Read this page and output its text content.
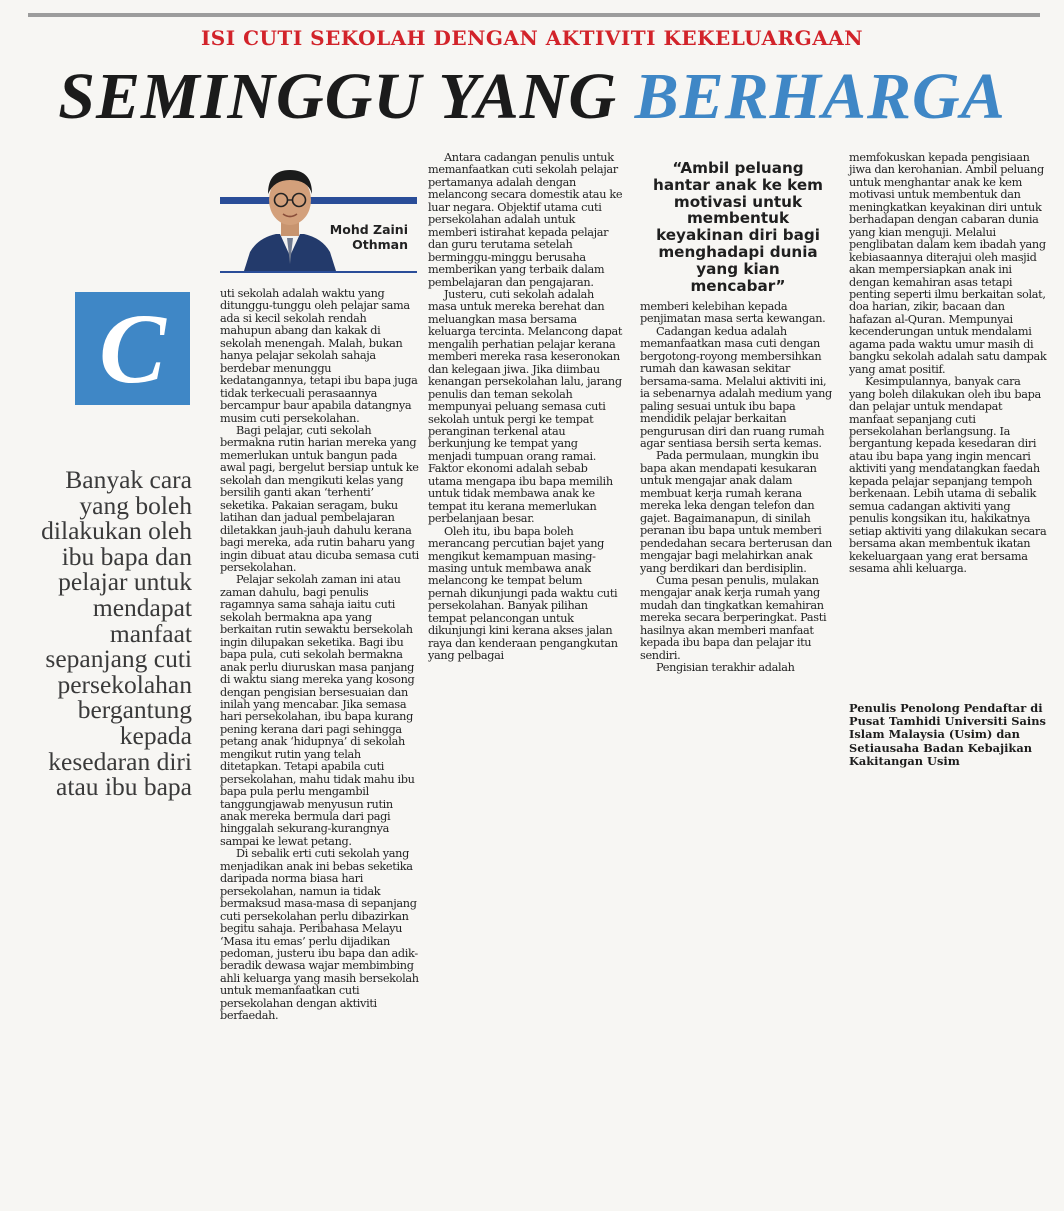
ISI CUTI SEKOLAH DENGAN AKTIVITI KEKELUARGAAN
SEMINGGU YANG BERHARGA
C
Banyak cara yang boleh dilakukan oleh ibu bapa dan pelajar untuk mendapat manfaat sepanjang cuti persekolahan bergantung kepada kesedaran diri atau ibu bapa
Mohd Zaini
Othman

uti sekolah adalah waktu yang ditunggu-tunggu oleh pelajar sama ada si kecil sekolah rendah mahupun abang dan kakak di sekolah menengah. Malah, bukan hanya pelajar sekolah sahaja berdebar menunggu kedatangannya, tetapi ibu bapa juga tidak terkecuali perasaannya bercampur baur apabila datangnya musim cuti persekolahan.

Bagi pelajar, cuti sekolah bermakna rutin harian mereka yang memerlukan untuk bangun pada awal pagi, bergelut bersiap untuk ke sekolah dan mengikuti kelas yang bersilih ganti akan ‘terhenti’ seketika. Pakaian seragam, buku latihan dan jadual pembelajaran diletakkan jauh-jauh dahulu kerana bagi mereka, ada rutin baharu yang ingin dibuat atau dicuba semasa cuti persekolahan.

Pelajar sekolah zaman ini atau zaman dahulu, bagi penulis ragamnya sama sahaja iaitu cuti sekolah bermakna apa yang berkaitan rutin sewaktu bersekolah ingin dilupakan seketika. Bagi ibu bapa pula, cuti sekolah bermakna anak perlu diuruskan masa panjang di waktu siang mereka yang kosong dengan pengisian bersesuaian dan inilah yang mencabar. Jika semasa hari persekolahan, ibu bapa kurang pening kerana dari pagi sehingga petang anak ‘hidupnya’ di sekolah mengikut rutin yang telah ditetapkan. Tetapi apabila cuti persekolahan, mahu tidak mahu ibu bapa pula perlu mengambil tanggungjawab menyusun rutin anak mereka bermula dari pagi hinggalah sekurang-kurangnya sampai ke lewat petang.

Di sebalik erti cuti sekolah yang menjadikan anak ini bebas seketika daripada norma biasa hari persekolahan, namun ia tidak bermaksud masa-masa di sepanjang cuti persekolahan perlu dibazirkan begitu sahaja. Peribahasa Melayu ‘Masa itu emas’ perlu dijadikan pedoman, justeru ibu bapa dan adik-beradik dewasa wajar membimbing ahli keluarga yang masih bersekolah untuk memanfaatkan cuti persekolahan dengan aktiviti berfaedah.

Antara cadangan penulis untuk memanfaatkan cuti sekolah pelajar pertamanya adalah dengan melancong secara domestik atau ke luar negara. Objektif utama cuti persekolahan adalah untuk memberi istirahat kepada pelajar dan guru terutama setelah berminggu-minggu berusaha memberikan yang terbaik dalam pembelajaran dan pengajaran.

Justeru, cuti sekolah adalah masa untuk mereka berehat dan meluangkan masa bersama keluarga tercinta. Melancong dapat mengalih perhatian pelajar kerana memberi mereka rasa keseronokan dan kelegaan jiwa. Jika diimbau kenangan persekolahan lalu, jarang penulis dan teman sekolah mempunyai peluang semasa cuti sekolah untuk pergi ke tempat peranginan terkenal atau berkunjung ke tempat yang menjadi tumpuan orang ramai. Faktor ekonomi adalah sebab utama mengapa ibu bapa memilih untuk tidak membawa anak ke tempat itu kerana memerlukan perbelanjaan besar.

Oleh itu, ibu bapa boleh merancang percutian bajet yang mengikut kemampuan masing-masing untuk membawa anak melancong ke tempat belum pernah dikunjungi pada waktu cuti persekolahan. Banyak pilihan tempat pelancongan untuk dikunjungi kini kerana akses jalan raya dan kenderaan pengangkutan yang pelbagai

“Ambil peluang hantar anak ke kem motivasi untuk membentuk keyakinan diri bagi menghadapi dunia yang kian mencabar”

memberi kelebihan kepada penjimatan masa serta kewangan.

Cadangan kedua adalah memanfaatkan masa cuti dengan bergotong-royong membersihkan rumah dan kawasan sekitar bersama-sama. Melalui aktiviti ini, ia sebenarnya adalah medium yang paling sesuai untuk ibu bapa mendidik pelajar berkaitan pengurusan diri dan ruang rumah agar sentiasa bersih serta kemas.

Pada permulaan, mungkin ibu bapa akan mendapati kesukaran untuk mengajar anak dalam membuat kerja rumah kerana mereka leka dengan telefon dan gajet. Bagaimanapun, di sinilah peranan ibu bapa untuk memberi pendedahan secara berterusan dan mengajar bagi melahirkan anak yang berdikari dan berdisiplin.

Cuma pesan penulis, mulakan mengajar anak kerja rumah yang mudah dan tingkatkan kemahiran mereka secara berperingkat. Pasti hasilnya akan memberi manfaat kepada ibu bapa dan pelajar itu sendiri.

Pengisian terakhir adalah

memfokuskan kepada pengisiaan jiwa dan kerohanian. Ambil peluang untuk menghantar anak ke kem motivasi untuk membentuk dan meningkatkan keyakinan diri untuk berhadapan dengan cabaran dunia yang kian menguji. Melalui penglibatan dalam kem ibadah yang kebiasaannya diterajui oleh masjid akan mempersiapkan anak ini dengan kemahiran asas tetapi penting seperti ilmu berkaitan solat, doa harian, zikir, bacaan dan hafazan al-Quran. Mempunyai kecenderungan untuk mendalami agama pada waktu umur masih di bangku sekolah adalah satu dampak yang amat positif.

Kesimpulannya, banyak cara yang boleh dilakukan oleh ibu bapa dan pelajar untuk mendapat manfaat sepanjang cuti persekolahan berlangsung. Ia bergantung kepada kesedaran diri atau ibu bapa yang ingin mencari aktiviti yang mendatangkan faedah kepada pelajar sepanjang tempoh berkenaan. Lebih utama di sebalik semua cadangan aktiviti yang penulis kongsikan itu, hakikatnya setiap aktiviti yang dilakukan secara bersama akan membentuk ikatan kekeluargaan yang erat bersama sesama ahli keluarga.

Penulis Penolong Pendaftar di Pusat Tamhidi Universiti Sains Islam Malaysia (Usim) dan Setiausaha Badan Kebajikan Kakitangan Usim
